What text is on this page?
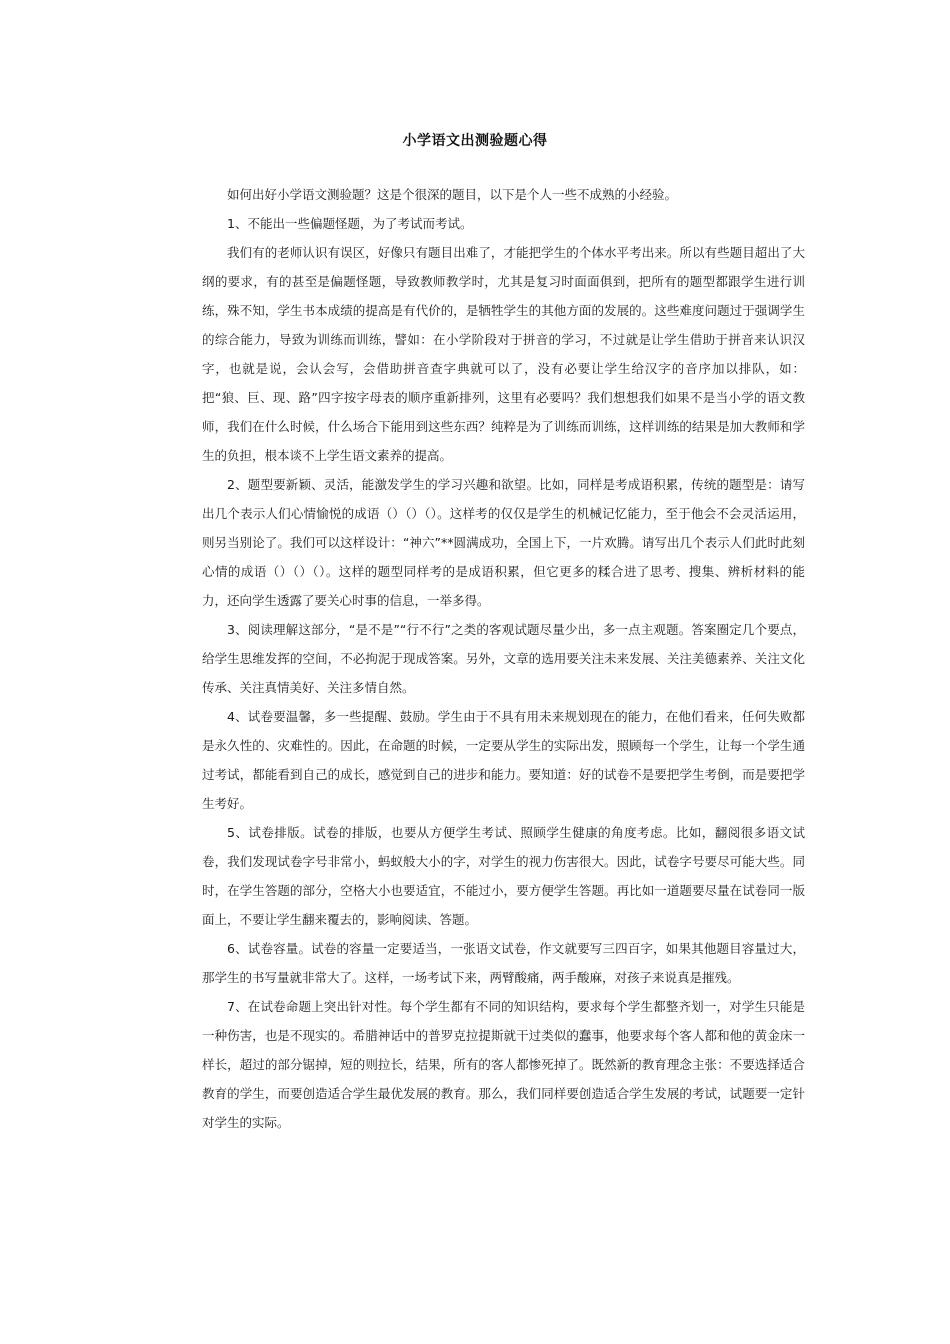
小学语文出测验题心得

如何出好小学语文测验题？这是个很深的题目，以下是个人一些不成熟的小经验。

1、不能出一些偏题怪题，为了考试而考试。

我们有的老师认识有误区，好像只有题目出难了，才能把学生的个体水平考出来。所以有些题目超出了大纲的要求，有的甚至是偏题怪题，导致教师教学时，尤其是复习时面面俱到，把所有的题型都跟学生进行训练，殊不知，学生书本成绩的提高是有代价的，是牺牲学生的其他方面的发展的。这些难度问题过于强调学生的综合能力，导致为训练而训练，譬如：在小学阶段对于拼音的学习，不过就是让学生借助于拼音来认识汉字，也就是说，会认会写，会借助拼音查字典就可以了，没有必要让学生给汉字的音序加以排队，如：把“狼、巨、现、路”四字按字母表的顺序重新排列，这里有必要吗？我们想想我们如果不是当小学的语文教师，我们在什么时候，什么场合下能用到这些东西？纯粹是为了训练而训练，这样训练的结果是加大教师和学生的负担，根本谈不上学生语文素养的提高。

2、题型要新颖、灵活，能激发学生的学习兴趣和欲望。比如，同样是考成语积累，传统的题型是：请写出几个表示人们心情愉悦的成语（）（）（）。这样考的仅仅是学生的机械记忆能力，至于他会不会灵活运用，则另当别论了。我们可以这样设计：“神六”**圆满成功，全国上下，一片欢腾。请写出几个表示人们此时此刻心情的成语（）（）（）。这样的题型同样考的是成语积累，但它更多的糅合进了思考、搜集、辨析材料的能力，还向学生透露了要关心时事的信息，一举多得。

3、阅读理解这部分，“是不是”“行不行”之类的客观试题尽量少出，多一点主观题。答案圈定几个要点，给学生思维发挥的空间，不必拘泥于现成答案。另外，文章的选用要关注未来发展、关注美德素养、关注文化传承、关注真情美好、关注多情自然。

4、试卷要温馨，多一些提醒、鼓励。学生由于不具有用未来规划现在的能力，在他们看来，任何失败都是永久性的、灾难性的。因此，在命题的时候，一定要从学生的实际出发，照顾每一个学生，让每一个学生通过考试，都能看到自己的成长，感觉到自己的进步和能力。要知道：好的试卷不是要把学生考倒，而是要把学生考好。

5、试卷排版。试卷的排版，也要从方便学生考试、照顾学生健康的角度考虑。比如，翻阅很多语文试卷，我们发现试卷字号非常小，蚂蚁般大小的字，对学生的视力伤害很大。因此，试卷字号要尽可能大些。同时，在学生答题的部分，空格大小也要适宜，不能过小，要方便学生答题。再比如一道题要尽量在试卷同一版面上，不要让学生翻来覆去的，影响阅读、答题。

6、试卷容量。试卷的容量一定要适当，一张语文试卷，作文就要写三四百字，如果其他题目容量过大，那学生的书写量就非常大了。这样，一场考试下来，两臂酸痛，两手酸麻，对孩子来说真是摧残。

7、在试卷命题上突出针对性。每个学生都有不同的知识结构，要求每个学生都整齐划一，对学生只能是一种伤害，也是不现实的。希腊神话中的普罗克拉提斯就干过类似的蠢事，他要求每个客人都和他的黄金床一样长，超过的部分锯掉，短的则拉长，结果，所有的客人都惨死掉了。既然新的教育理念主张：不要选择适合教育的学生，而要创造适合学生最优发展的教育。那么，我们同样要创造适合学生发展的考试，试题要一定针对学生的实际。
